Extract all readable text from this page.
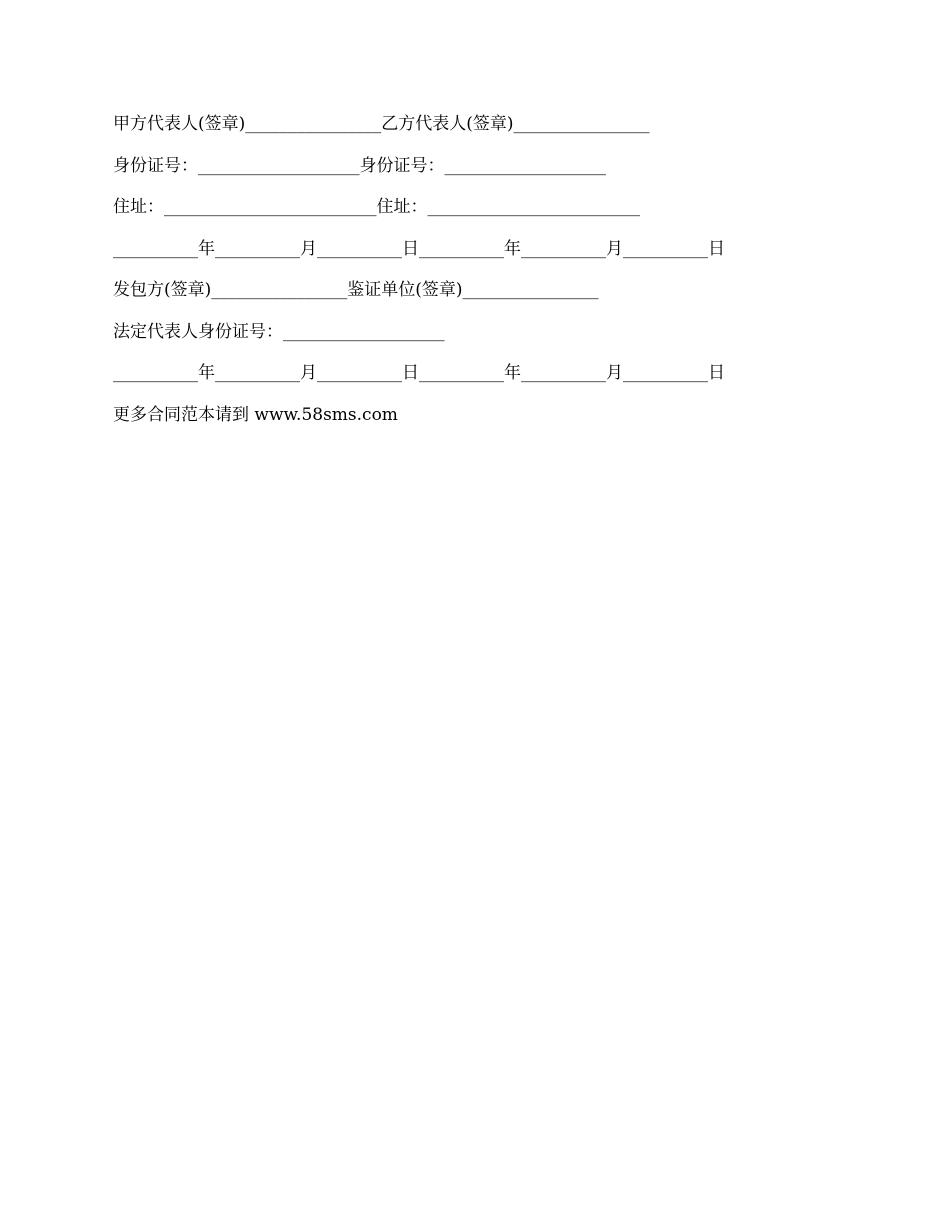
甲方代表人(签章)________________乙方代表人(签章)________________
身份证号：___________________身份证号：___________________
住址：_________________________住址：_________________________
__________年__________月__________日__________年__________月__________日
发包方(签章)________________鉴证单位(签章)________________
法定代表人身份证号：___________________
__________年__________月__________日__________年__________月__________日
更多合同范本请到 www.58sms.com
